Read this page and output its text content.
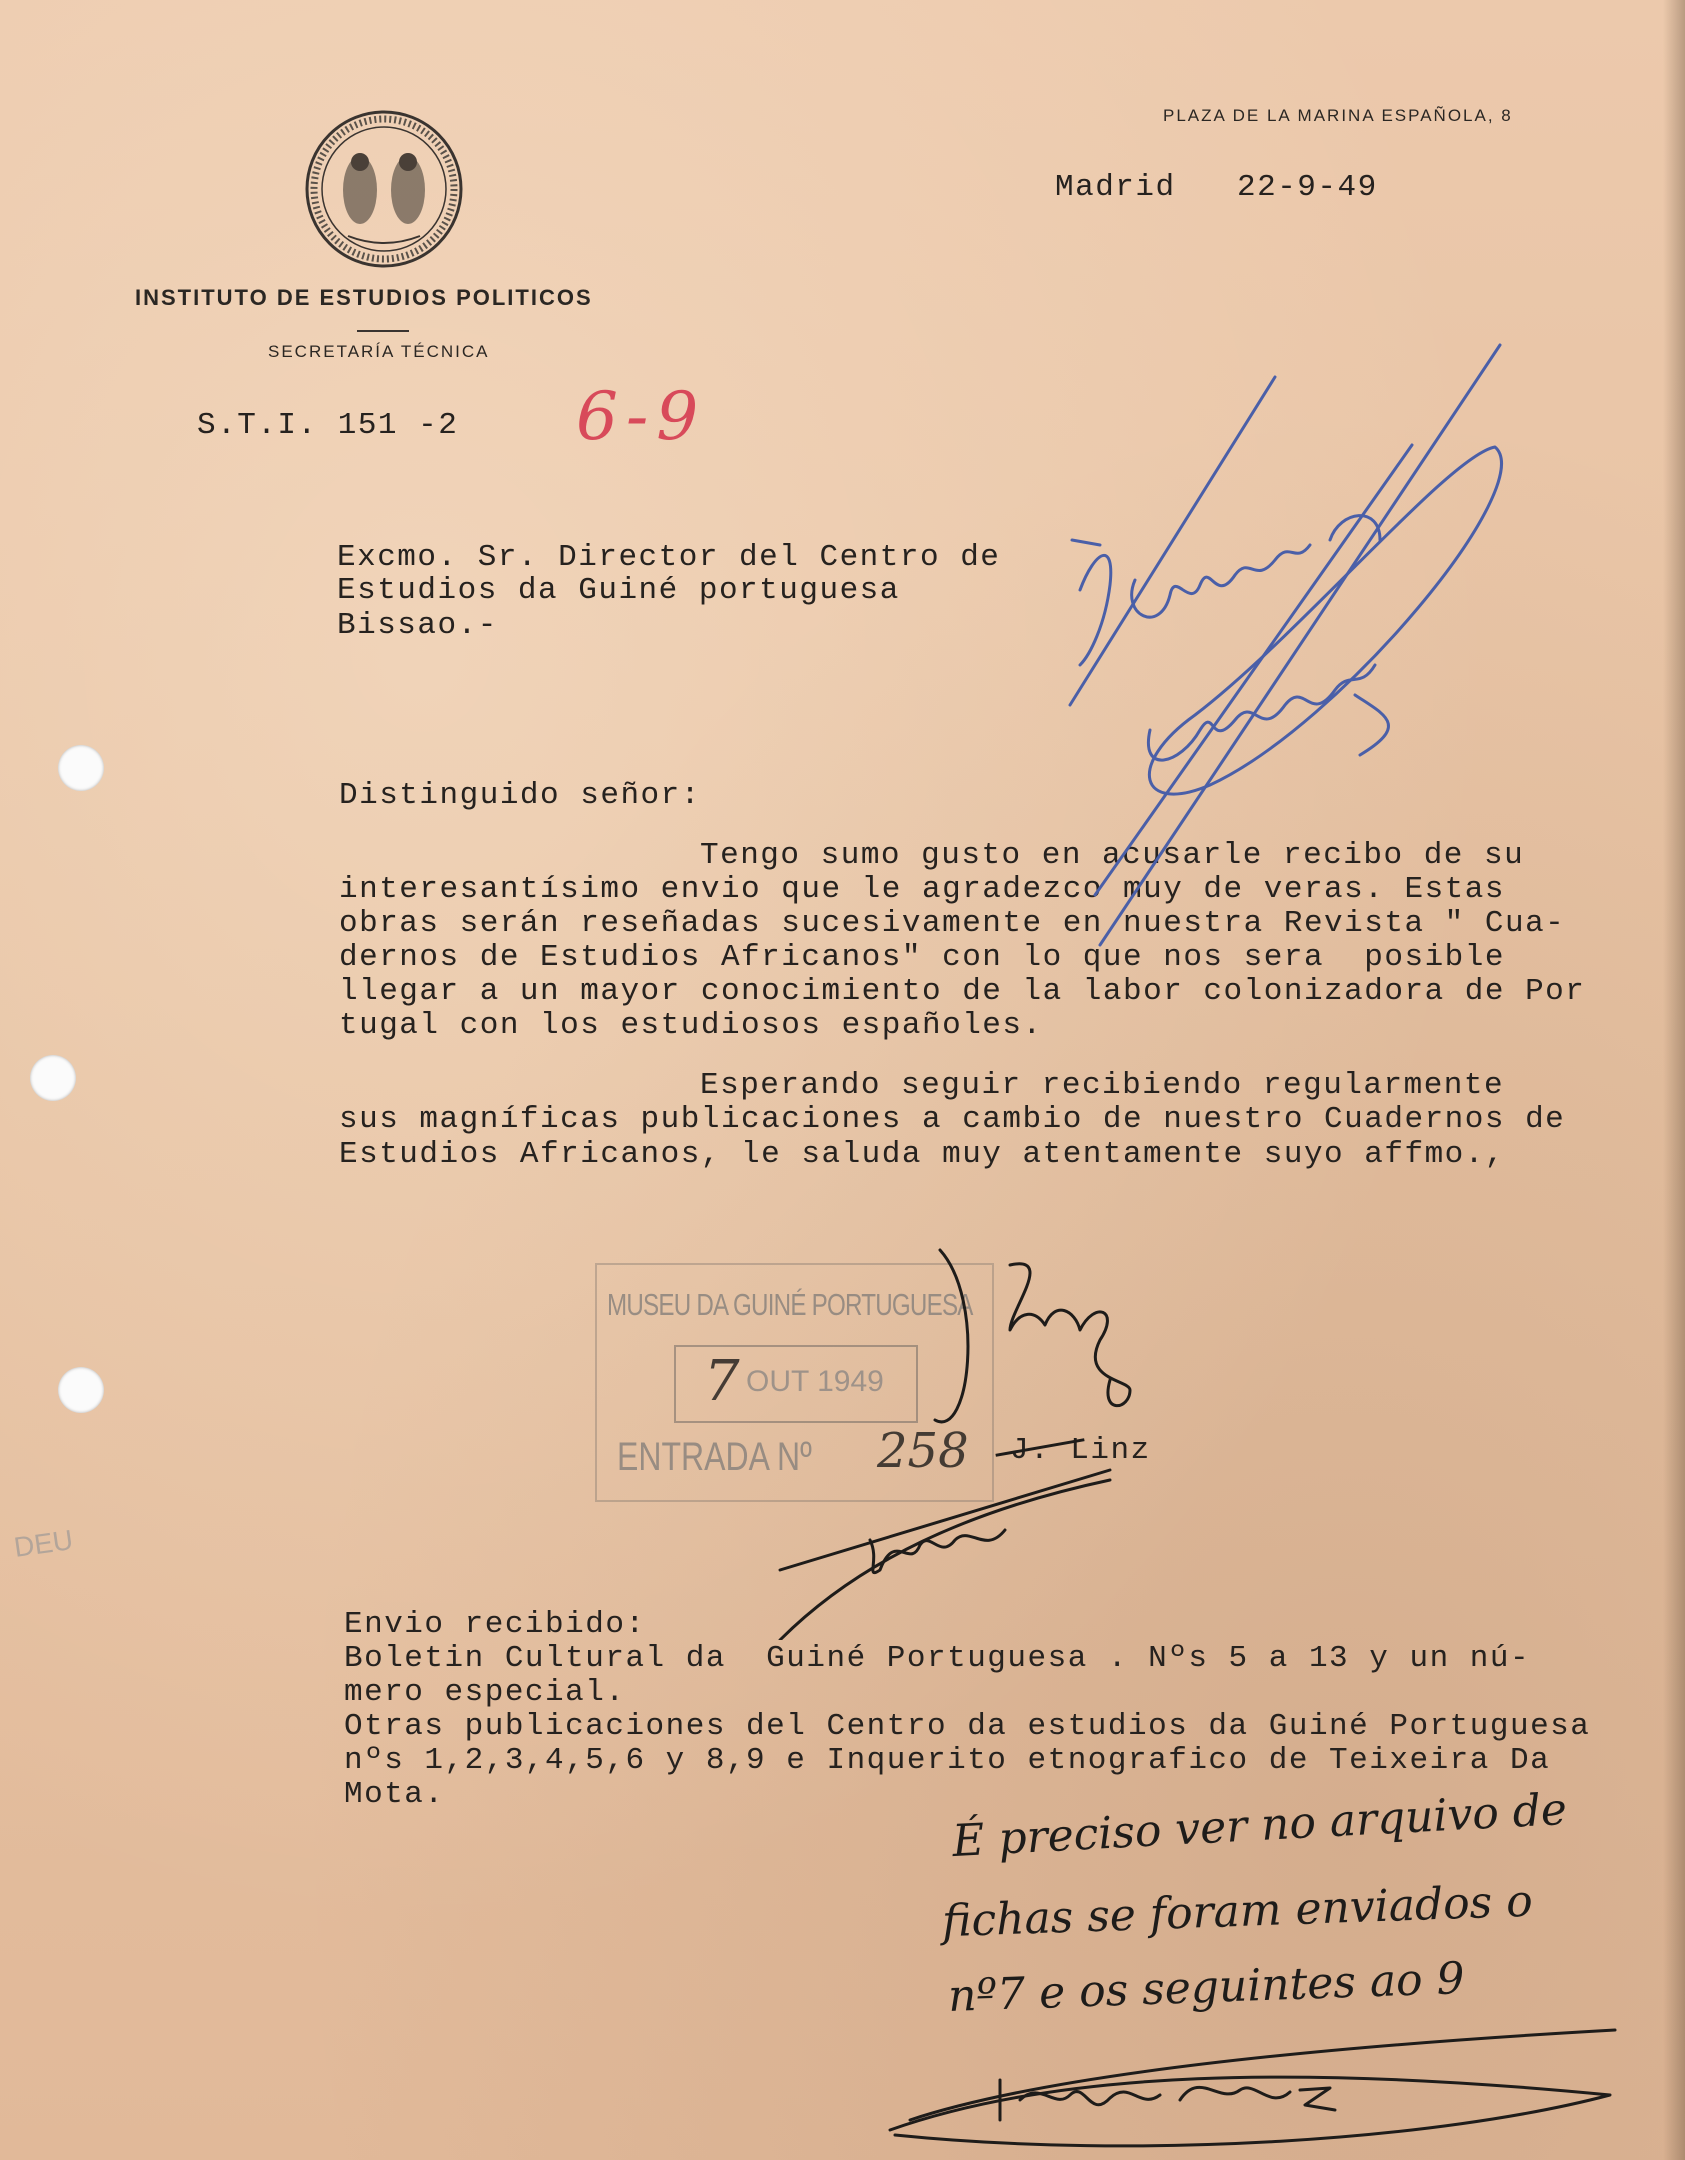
INSTITUTO DE ESTUDIOS POLITICOS
SECRETARÍA TÉCNICA
PLAZA DE LA MARINA ESPAÑOLA, 8
Madrid 22-9-49
S.T.I. 151 -2 6-9
Excmo. Sr. Director del Centro de
Estudios da Guiné portuguesa
Bissao.-
Distinguido señor:
Tengo sumo gusto en acusarle recibo de su
interesantísimo envio que le agradezco muy de veras. Estas
obras serán reseñadas sucesivamente en nuestra Revista " Cua-
dernos de Estudios Africanos" con lo que nos sera  posible
llegar a un mayor conocimiento de la labor colonizadora de Por
tugal con los estudiosos españoles.
Esperando seguir recibiendo regularmente
sus magníficas publicaciones a cambio de nuestro Cuadernos de
Estudios Africanos, le saluda muy atentamente suyo affmo.,
MUSEU DA GUINÉ PORTUGUESA
7 OUT 1949
ENTRADA Nº 258 J. Linz
DEU
Envio recibido:
Boletin Cultural da  Guiné Portuguesa . Nºs 5 a 13 y un nú-
mero especial.
Otras publicaciones del Centro da estudios da Guiné Portuguesa
nºs 1,2,3,4,5,6 y 8,9 e Inquerito etnografico de Teixeira Da
Mota.	É preciso ver no arquivo de
fichas se foram enviados o
nº7 e os seguintes ao 9
